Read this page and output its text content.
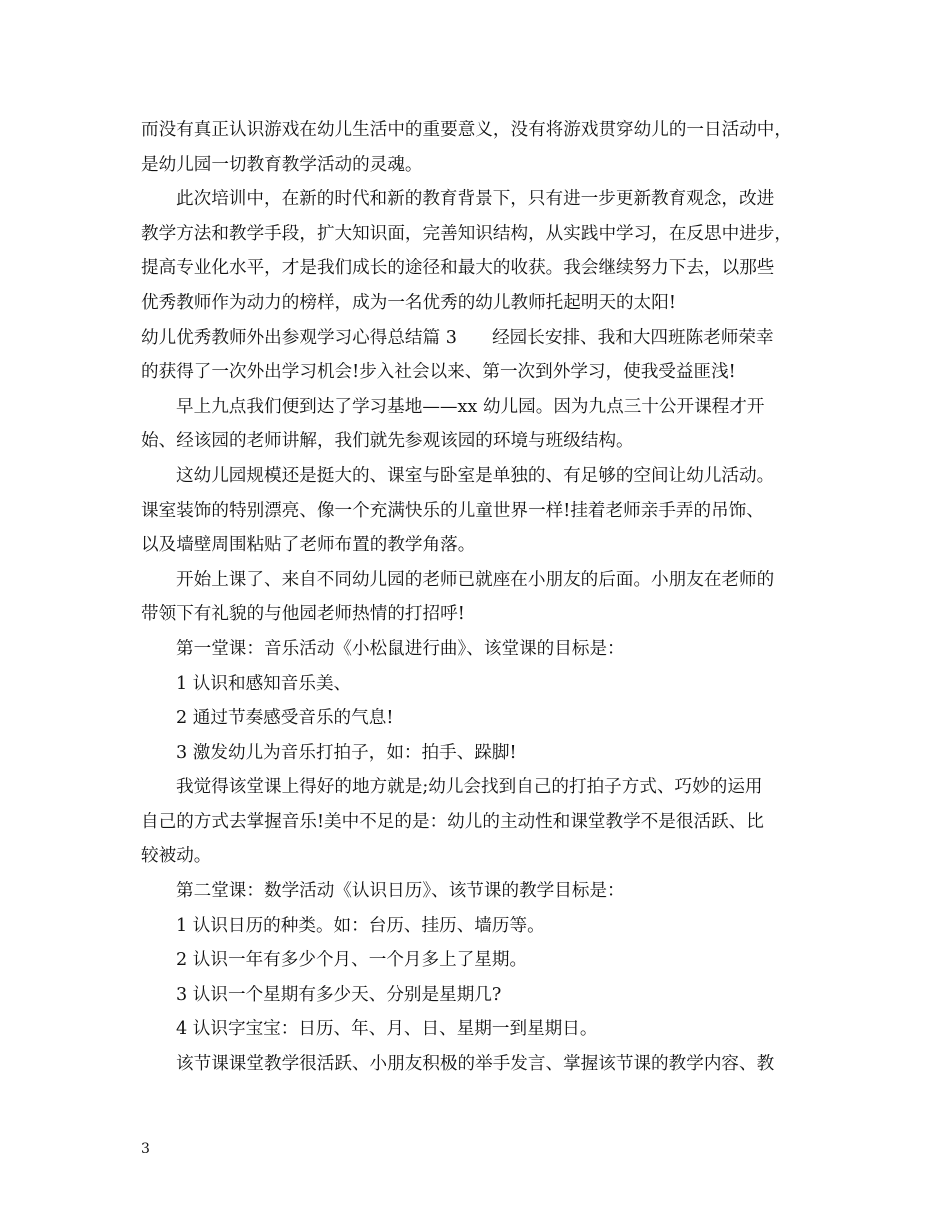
而没有真正认识游戏在幼儿生活中的重要意义，没有将游戏贯穿幼儿的一日活动中，
是幼儿园一切教育教学活动的灵魂。
此次培训中，在新的时代和新的教育背景下，只有进一步更新教育观念，改进
教学方法和教学手段，扩大知识面，完善知识结构，从实践中学习，在反思中进步，
提高专业化水平，才是我们成长的途径和最大的收获。我会继续努力下去，以那些
优秀教师作为动力的榜样，成为一名优秀的幼儿教师托起明天的太阳!
幼儿优秀教师外出参观学习心得总结篇 3　　经园长安排、我和大四班陈老师荣幸
的获得了一次外出学习机会!步入社会以来、第一次到外学习，使我受益匪浅!
早上九点我们便到达了学习基地——xx 幼儿园。因为九点三十公开课程才开
始、经该园的老师讲解，我们就先参观该园的环境与班级结构。
这幼儿园规模还是挺大的、课室与卧室是单独的、有足够的空间让幼儿活动。
课室装饰的特别漂亮、像一个充满快乐的儿童世界一样!挂着老师亲手弄的吊饰、
以及墙壁周围粘贴了老师布置的教学角落。
开始上课了、来自不同幼儿园的老师已就座在小朋友的后面。小朋友在老师的
带领下有礼貌的与他园老师热情的打招呼!
第一堂课：音乐活动《小松鼠进行曲》、该堂课的目标是：
1 认识和感知音乐美、
2 通过节奏感受音乐的气息!
3 激发幼儿为音乐打拍子，如：拍手、跺脚!
我觉得该堂课上得好的地方就是;幼儿会找到自己的打拍子方式、巧妙的运用
自己的方式去掌握音乐!美中不足的是：幼儿的主动性和课堂教学不是很活跃、比
较被动。
第二堂课：数学活动《认识日历》、该节课的教学目标是：
1 认识日历的种类。如：台历、挂历、墙历等。
2 认识一年有多少个月、一个月多上了星期。
3 认识一个星期有多少天、分别是星期几?
4 认识字宝宝：日历、年、月、日、星期一到星期日。
该节课课堂教学很活跃、小朋友积极的举手发言、掌握该节课的教学内容、教
3
